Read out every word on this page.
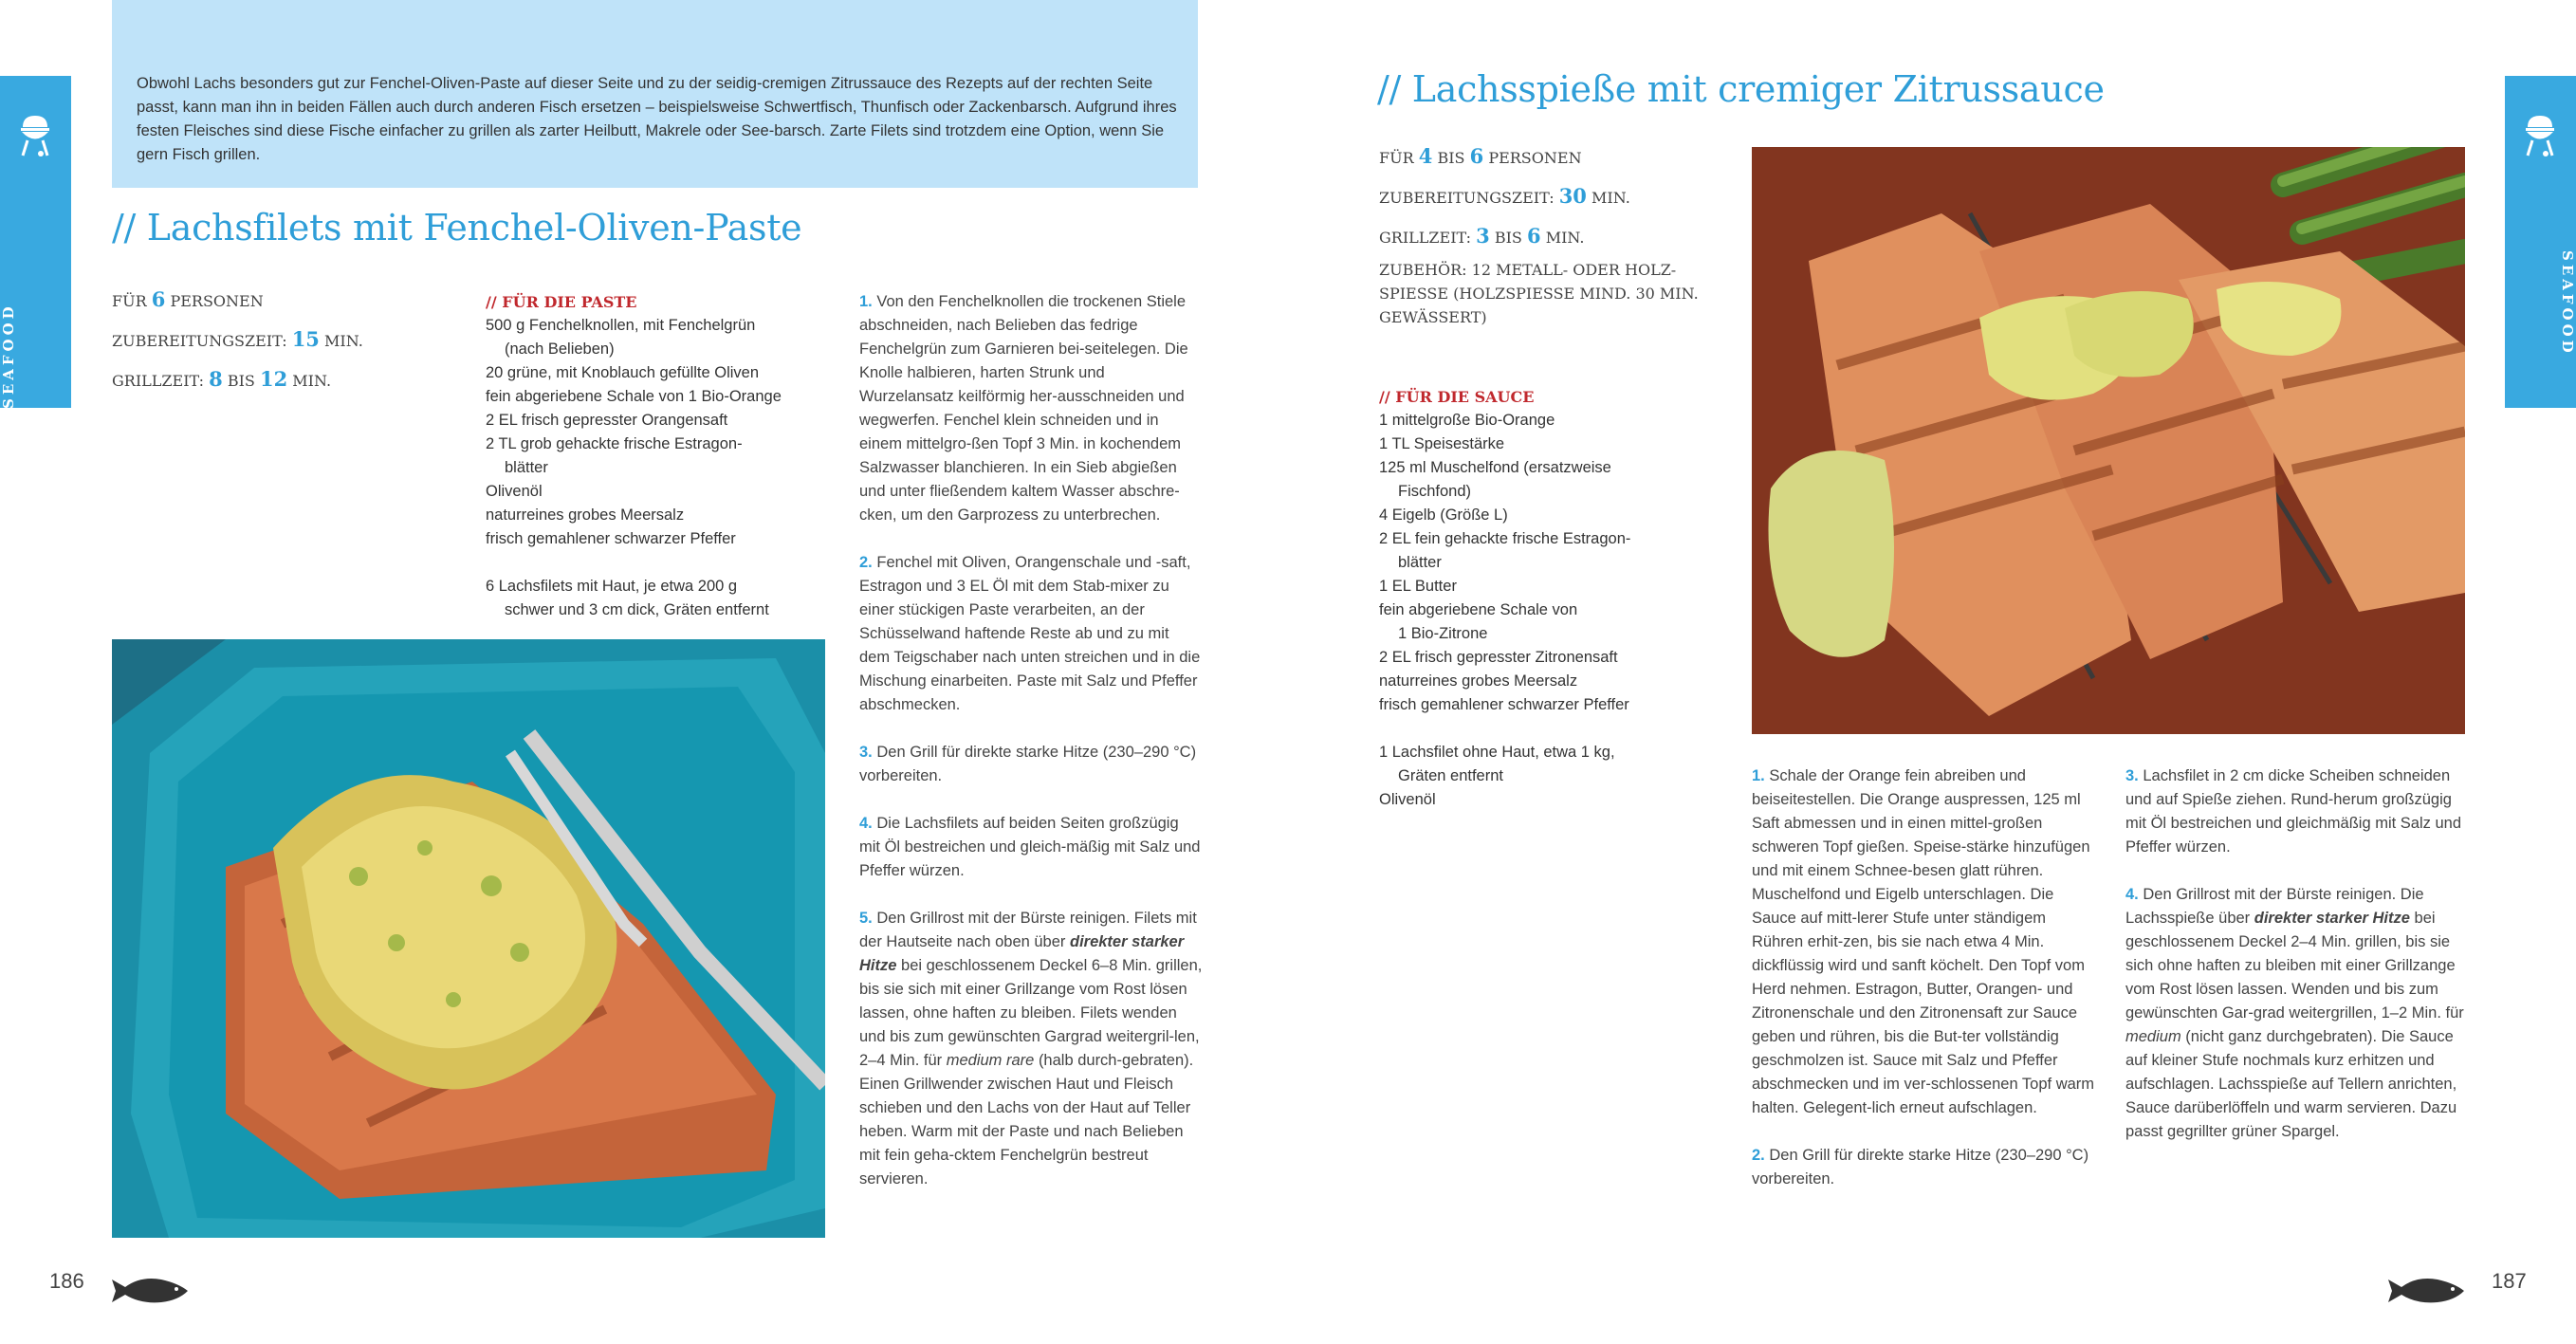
SEAFOOD	SEAFOOD

Obwohl Lachs besonders gut zur Fenchel-Oliven-Paste auf dieser Seite und zu der seidig-cremigen Zitrussauce des Rezepts auf der rechten Seite passt, kann man ihn in beiden Fällen auch durch anderen Fisch ersetzen – beispielsweise Schwertfisch, Thunfisch oder Zackenbarsch. Aufgrund ihres festen Fleisches sind diese Fische einfacher zu grillen als zarter Heilbutt, Makrele oder See-barsch. Zarte Filets sind trotzdem eine Option, wenn Sie gern Fisch grillen.

// Lachsfilets mit Fenchel-Oliven-Paste
FÜR 6 PERSONEN
ZUBEREITUNGSZEIT: 15 MIN.
GRILLZEIT: 8 BIS 12 MIN.
// FÜR DIE PASTE
500 g Fenchelknollen, mit Fenchelgrün
(nach Belieben)
20 grüne, mit Knoblauch gefüllte Oliven
fein abgeriebene Schale von 1 Bio-Orange
2 EL frisch gepresster Orangensaft
2 TL grob gehackte frische Estragon-
blätter
Olivenöl
naturreines grobes Meersalz
frisch gemahlener schwarzer Pfeffer
6 Lachsfilets mit Haut, je etwa 200 g
schwer und 3 cm dick, Gräten entfernt

1. Von den Fenchelknollen die trockenen Stiele abschneiden, nach Belieben das fedrige Fenchelgrün zum Garnieren bei-seitelegen. Die Knolle halbieren, harten Strunk und Wurzelansatz keilförmig her-ausschneiden und wegwerfen. Fenchel klein schneiden und in einem mittelgro-ßen Topf 3 Min. in kochendem Salzwasser blanchieren. In ein Sieb abgießen und unter fließendem kaltem Wasser abschre-cken, um den Garprozess zu unterbrechen.

2. Fenchel mit Oliven, Orangenschale und -saft, Estragon und 3 EL Öl mit dem Stab-mixer zu einer stückigen Paste verarbeiten, an der Schüsselwand haftende Reste ab und zu mit dem Teigschaber nach unten streichen und in die Mischung einarbeiten. Paste mit Salz und Pfeffer abschmecken.

3. Den Grill für direkte starke Hitze (230–290 °C) vorbereiten.

4. Die Lachsfilets auf beiden Seiten großzügig mit Öl bestreichen und gleich-mäßig mit Salz und Pfeffer würzen.

5. Den Grillrost mit der Bürste reinigen. Filets mit der Hautseite nach oben über direkter starker Hitze bei geschlossenem Deckel 6–8 Min. grillen, bis sie sich mit einer Grillzange vom Rost lösen lassen, ohne haften zu bleiben. Filets wenden und bis zum gewünschten Gargrad weitergril-len, 2–4 Min. für medium rare (halb durch-gebraten). Einen Grillwender zwischen Haut und Fleisch schieben und den Lachs von der Haut auf Teller heben. Warm mit der Paste und nach Belieben mit fein geha-cktem Fenchelgrün bestreut servieren.

186
// Lachsspieße mit cremiger Zitrussauce
FÜR 4 BIS 6 PERSONEN
ZUBEREITUNGSZEIT: 30 MIN.
GRILLZEIT: 3 BIS 6 MIN.
ZUBEHÖR: 12 METALL- ODER HOLZ-
SPIESSE (HOLZSPIESSE MIND. 30 MIN.
GEWÄSSERT)
// FÜR DIE SAUCE
1 mittelgroße Bio-Orange
1 TL Speisestärke
125 ml Muschelfond (ersatzweise
Fischfond)
4 Eigelb (Größe L)
2 EL fein gehackte frische Estragon-
blätter
1 EL Butter
fein abgeriebene Schale von
1 Bio-Zitrone
2 EL frisch gepresster Zitronensaft
naturreines grobes Meersalz
frisch gemahlener schwarzer Pfeffer
1 Lachsfilet ohne Haut, etwa 1 kg,
Gräten entfernt
Olivenöl

1. Schale der Orange fein abreiben und beiseitestellen. Die Orange auspressen, 125 ml Saft abmessen und in einen mittel-großen schweren Topf gießen. Speise-stärke hinzufügen und mit einem Schnee-besen glatt rühren. Muschelfond und Eigelb unterschlagen. Die Sauce auf mitt-lerer Stufe unter ständigem Rühren erhit-zen, bis sie nach etwa 4 Min. dickflüssig wird und sanft köchelt. Den Topf vom Herd nehmen. Estragon, Butter, Orangen- und Zitronenschale und den Zitronensaft zur Sauce geben und rühren, bis die But-ter vollständig geschmolzen ist. Sauce mit Salz und Pfeffer abschmecken und im ver-schlossenen Topf warm halten. Gelegent-lich erneut aufschlagen.

2. Den Grill für direkte starke Hitze (230–290 °C) vorbereiten.

3. Lachsfilet in 2 cm dicke Scheiben schneiden und auf Spieße ziehen. Rund-herum großzügig mit Öl bestreichen und gleichmäßig mit Salz und Pfeffer würzen.

4. Den Grillrost mit der Bürste reinigen. Die Lachsspieße über direkter starker Hitze bei geschlossenem Deckel 2–4 Min. grillen, bis sie sich ohne haften zu bleiben mit einer Grillzange vom Rost lösen lassen. Wenden und bis zum gewünschten Gar-grad weitergrillen, 1–2 Min. für medium (nicht ganz durchgebraten). Die Sauce auf kleiner Stufe nochmals kurz erhitzen und aufschlagen. Lachsspieße auf Tellern anrichten, Sauce darüberlöffeln und warm servieren. Dazu passt gegrillter grüner Spargel.

187
